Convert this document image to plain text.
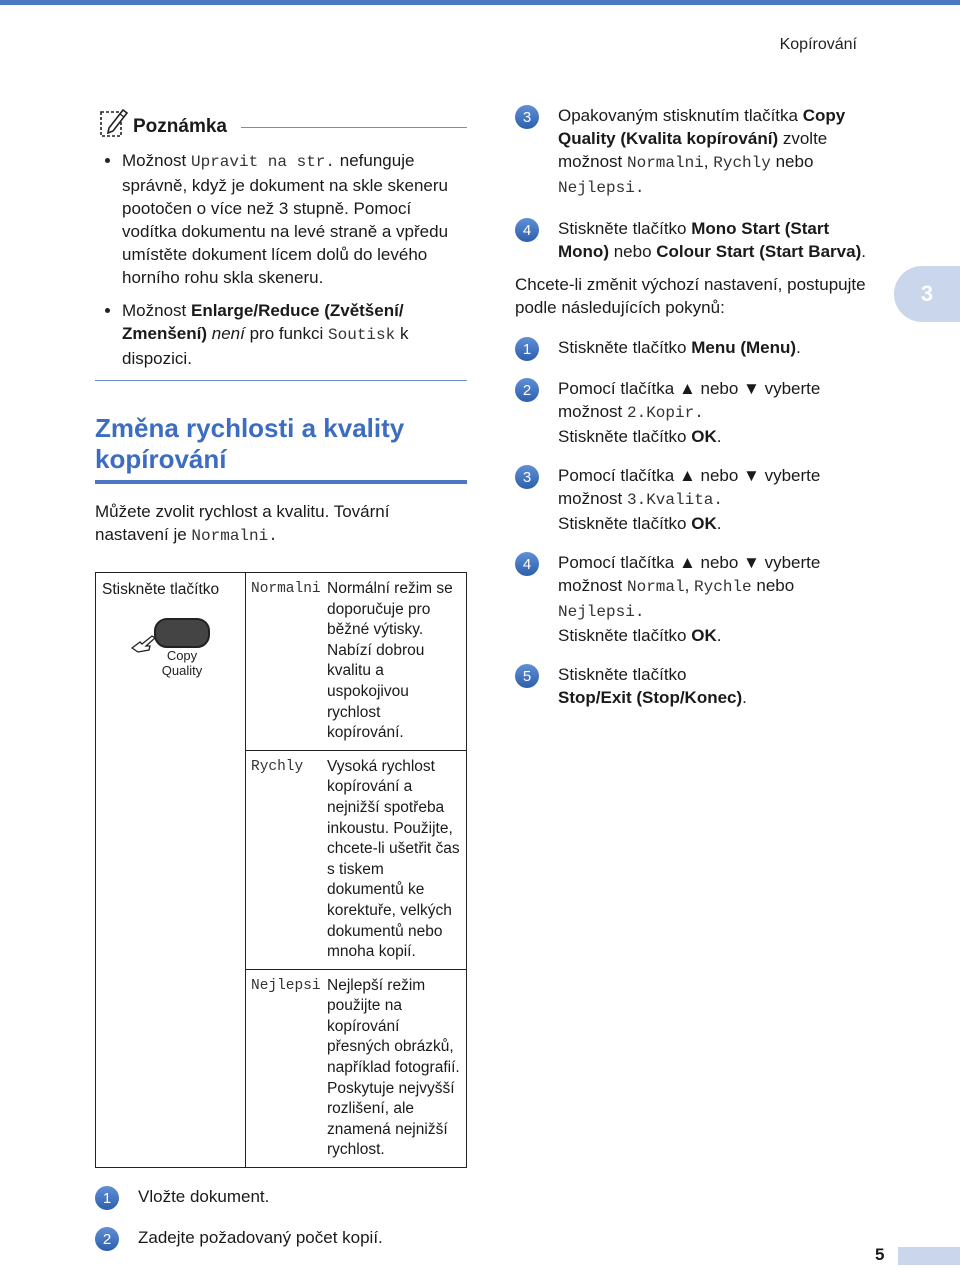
Kopírování
3
Poznámka
Možnost Upravit na str. nefunguje správně, když je dokument na skle skeneru pootočen o více než 3 stupně. Pomocí vodítka dokumentu na levé straně a vpředu umístěte dokument lícem dolů do levého horního rohu skla skeneru.
Možnost Enlarge/Reduce (Zvětšení/ Zmenšení) není pro funkci Soutisk k dispozici.
Změna rychlosti a kvality kopírování
Můžete zvolit rychlost a kvalitu. Tovární nastavení je Normalni.
Stiskněte tlačítko
Copy Quality

Normalni Normální režim se doporučuje pro běžné výtisky. Nabízí dobrou kvalitu a uspokojivou rychlost kopírování.
Rychly	Vysoká rychlost kopírování a nejnižší spotřeba inkoustu. Použijte, chcete-li ušetřit čas s tiskem dokumentů ke korektuře, velkých dokumentů nebo mnoha kopií.
Nejlepsi Nejlepší režim použijte na kopírování přesných obrázků, například fotografií. Poskytuje nejvyšší rozlišení, ale znamená nejnižší rychlost.
1	Vložte dokument.
2	Zadejte požadovaný počet kopií.
3	Opakovaným stisknutím tlačítka Copy Quality (Kvalita kopírování) zvolte možnost Normalni, Rychly nebo Nejlepsi.
4	Stiskněte tlačítko Mono Start (Start Mono) nebo Colour Start (Start Barva).
Chcete-li změnit výchozí nastavení, postupujte podle následujících pokynů:
1	Stiskněte tlačítko Menu (Menu).
2	Pomocí tlačítka ▲ nebo ▼ vyberte možnost 2.Kopir.
Stiskněte tlačítko OK.
3	Pomocí tlačítka ▲ nebo ▼ vyberte možnost 3.Kvalita.
Stiskněte tlačítko OK.
4	Pomocí tlačítka ▲ nebo ▼ vyberte možnost Normal, Rychle nebo
Nejlepsi.
Stiskněte tlačítko OK.
5	Stiskněte tlačítko
Stop/Exit (Stop/Konec).
5
